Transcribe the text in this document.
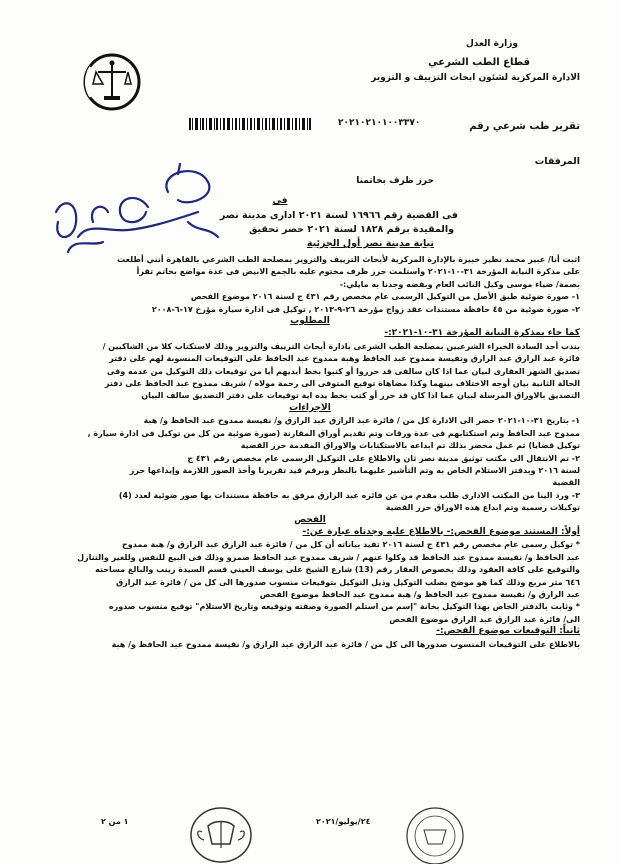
وزارة العدل
قطاع الطب الشرعي
الادارة المركزية لشئون ابحاث التزييف و التزوير
٢٠٢١٠٢١٠١٠٠٣٣٧٠	تقرير طب شرعي رقم
المرفقات
حرز ظرف بخاتمنا
في
فى القضية رقم ١٦٩٦٦ لسنة ٢٠٢١ ادارى مدينة نصر
والمقيدة برقم ١٨٢٨ لسنة ٢٠٢١ حصر تحقيق
نيابة مدينة نصر أول الجزئية

اثبت أنا/ عبير محمد نظير خبيرة بالإدارة المركزية لأبحاث التزييف والتزوير بمصلحة الطب الشرعي بالقاهرة أنني أطلعت

على مذكرة النيابة المؤرخة ٣١-١٠-٢٠٢١ واستلمت حرز ظرف مختوم عليه بالجمع الابيض فى عدة مواضع بخاتم تقرأ

بصمة/ ضياء موسى وكيل النائب العام وبفضه وجدنا به مايلي:-

١- صورة ضوئية طبق الأصل من التوكيل الرسمى عام مخصص رقم ٤٣١ ج لسنة ٢٠١٦ موضوع الفحص

٢- صورة ضوئية من ٤٥ حافظة مستندات عقد زواج مؤرخة ٢٦-٩-٢٠١٣ , توكيل فى ادارة سيارة مؤرخ ١٧-٦-٢٠٠٨

المطلوب

كما جاء بمذكرة النيابة المؤرخة ٣١-١٠-٢٠٢١:-

بندب أحد السادة الخبراء الشرعيين بمصلحة الطب الشرعى بادارة أبحاث التزييف والتزوير وذلك لاستكتاب كلا من الشاكيين /

فائزة عبد الرازق عبد الرازق ونفيسة ممدوح عبد الحافظ وهبة ممدوح عبد الحافظ على التوقيعات المنسوبة لهم على دفتر

تصديق الشهر العقارى لبيان عما اذا كان سالفى قد حرروا أو كتبوا بخط أيديهم أيا من توقيعات ذلك التوكيل من عدمه وفى

الحالة الثانية بيان أوجه الاختلاف بينهما وكذا مضاهاة توقيع المتوفى الى رحمة مولاه / شريف ممدوح عبد الحافظ على دفتر

التصديق بالاوراق المرسلة لبيان عما اذا كان قد حرر أو كتب بخط يده اية توقيعات على دفتر التصديق سالف البيان

الاجراءات

١- بتاريخ ٣١-١٠-٢٠٢١ حضر الى الادارة كل من / فائزة عبد الرازق عبد الرازق و/ نفيسة ممدوح عبد الحافظ و/ هبة

ممدوح عبد الحافظ وتم استكتابهم فى عدة ورقات وتم تقديم أوراق المقارنة (صورة ضوئية من كل من توكيل فى ادارة سيارة ,

توكيل قضايا) ثم عمل محضر بذلك تم ابداعه بالاستكتابات والاوراق المقدمة حرز القضية

٢- تم الانتقال الى مكتب توثيق مدينة نصر ثان والاطلاع على التوكيل الرسمى عام مخصص رقم ٤٣١ ج

لسنة ٢٠١٦ وبدفتر الاستلام الخاص به وتم التأشير عليهما بالنظر وبرقم قيد تقريرنا وأخذ الصور اللازمة وإيداعها حرز

القضية

٣- ورد الينا من المكتب الادارى طلب مقدم من عن فائزه عبد الرازق مرفق به حافظة مستندات بها صور ضوئية لعدد (4)

توكيلات رسمية وتم ابداع هذه الاوراق حرز القضية

الفحص

أولاً: المستند موضوع الفحص:- بالاطلاع عليه وجدناه عبارة عن:-

* توكيل رسمى عام مخصص رقم ٤٣١ ج لسنة ٢٠١٦ تفيد بياناته أن كل من / فائزة عبد الرازق عبد الرازق و/ هبة ممدوح

عبد الحافظ و/ نفيسة ممدوح عبد الحافظ قد وكلوا عنهم / شريف ممدوح عبد الحافظ صمرو وذلك فى البيع للنفس وللغير والتنازل

والتوقيع على كافة العقود وذلك بخصوص العقار رقم (13) شارع الشيخ على يوسف العيني قسم السيدة زينب والبالغ مساحته

٦٤٦ متر مربع وذلك كما هو موضح بصلب التوكيل وذيل التوكيل بتوقيعات منسوب صدورها الى كل من / فائزة عبد الرازق

عبد الرازق و/ نفيسة ممدوح عبد الحافظ و/ هبة ممدوح عبد الحافظ موضوع الفحص

* وثابت بالدفتر الخاص بهذا التوكيل بخانة "إسم من استلم الصورة وصفته وتوقيعه وتاريخ الاستلام" توقيع منسوب صدوره

الى/ فائزة عبد الرازق عبد الرازق موضوع الفحص

ثانياً: التوقيعات موضوع الفحص:-

بالاطلاع على التوقيعات المنسوب صدورها الى كل من / فائزة عبد الرازق عبد الرازق و/ نفيسة ممدوح عبد الحافظ و/ هبة

٢٤/يوليو/٢٠٢١
١ من ٢
